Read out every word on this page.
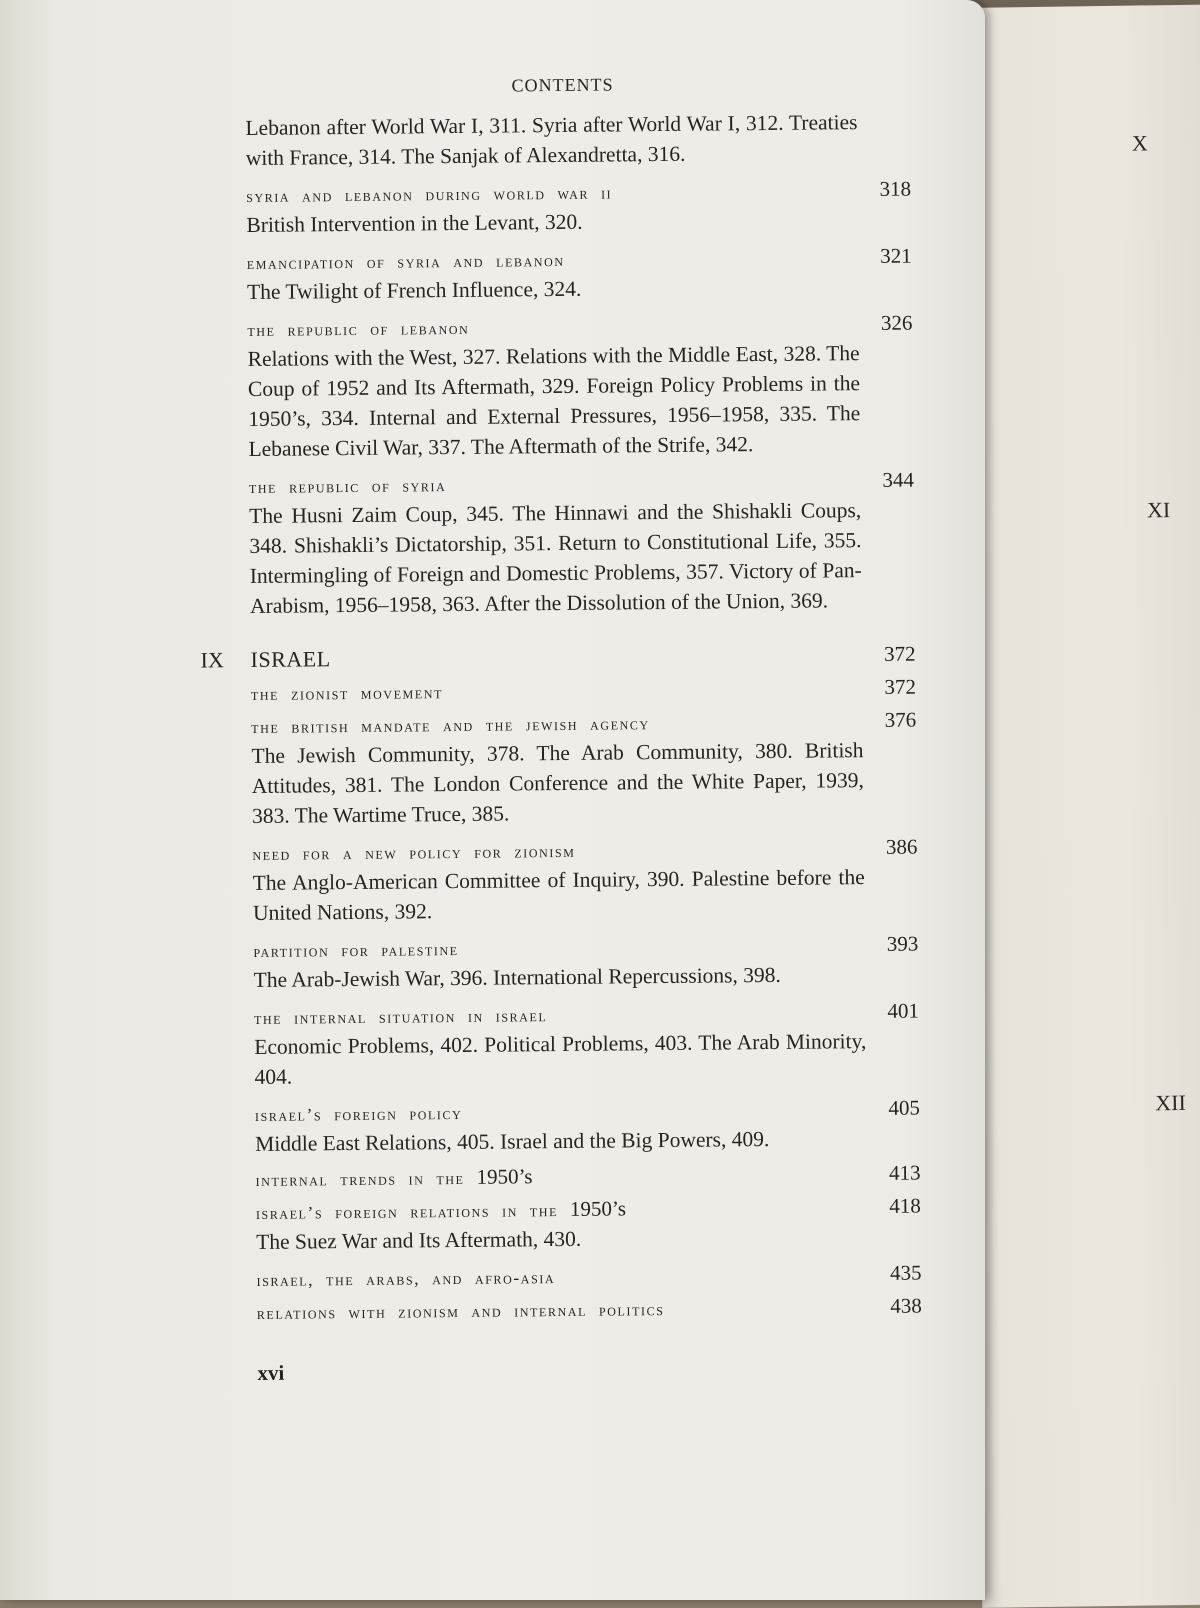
X
XI
XII
CONTENTS
Lebanon after World War I, 311. Syria after World War I, 312. Treaties with France, 314. The Sanjak of Alexandretta, 316.
syria and lebanon during world war ii	318
British Intervention in the Levant, 320.
emancipation of syria and lebanon	321
The Twilight of French Influence, 324.
the republic of lebanon	326
Relations with the West, 327. Relations with the Middle East, 328. The Coup of 1952 and Its Aftermath, 329. Foreign Policy Problems in the 1950’s, 334. Internal and External Pressures, 1956–1958, 335. The Lebanese Civil War, 337. The Aftermath of the Strife, 342.
the republic of syria	344
The Husni Zaim Coup, 345. The Hinnawi and the Shishakli Coups, 348. Shishakli’s Dictatorship, 351. Return to Constitutional Life, 355. Intermingling of Foreign and Domestic Problems, 357. Victory of Pan-Arabism, 1956–1958, 363. After the Dissolution of the Union, 369.
IX ISRAEL	372
the zionist movement	372
the british mandate and the jewish agency	376
The Jewish Community, 378. The Arab Community, 380. British Attitudes, 381. The London Conference and the White Paper, 1939, 383. The Wartime Truce, 385.
need for a new policy for zionism	386
The Anglo-American Committee of Inquiry, 390. Palestine before the United Nations, 392.
partition for palestine	393
The Arab-Jewish War, 396. International Repercussions, 398.
the internal situation in israel	401
Economic Problems, 402. Political Problems, 403. The Arab Minority, 404.
israel’s foreign policy	405
Middle East Relations, 405. Israel and the Big Powers, 409.
internal trends in the 1950’s	413
israel’s foreign relations in the 1950’s	418
The Suez War and Its Aftermath, 430.
israel, the arabs, and afro-asia	435
relations with zionism and internal politics	438
xvi
